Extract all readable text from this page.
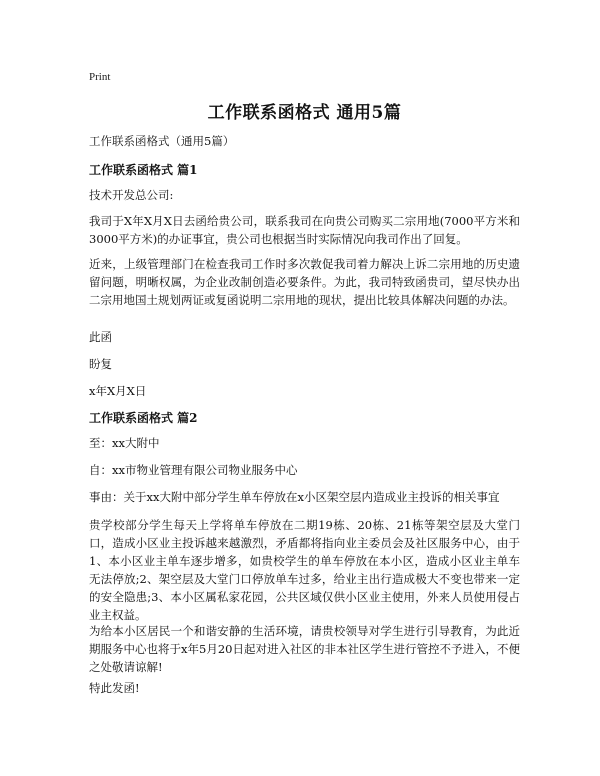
Print
工作联系函格式 通用5篇
工作联系函格式（通用5篇）
工作联系函格式 篇1
技术开发总公司:
我司于X年X月X日去函给贵公司，联系我司在向贵公司购买二宗用地(7000平方米和3000平方米)的办证事宜，贵公司也根据当时实际情况向我司作出了回复。
近来，上级管理部门在检查我司工作时多次敦促我司着力解决上诉二宗用地的历史遗留问题，明晰权属，为企业改制创造必要条件。为此，我司特致函贵司，望尽快办出二宗用地国土规划两证或复函说明二宗用地的现状，提出比较具体解决问题的办法。
此函
盼复
x年X月X日
工作联系函格式 篇2
至：xx大附中
自：xx市物业管理有限公司物业服务中心
事由：关于xx大附中部分学生单车停放在x小区架空层内造成业主投诉的相关事宜
贵学校部分学生每天上学将单车停放在二期19栋、20栋、21栋等架空层及大堂门口，造成小区业主投诉越来越激烈，矛盾都将指向业主委员会及社区服务中心，由于1、本小区业主单车逐步增多，如贵校学生的单车停放在本小区，造成小区业主单车无法停放;2、架空层及大堂门口停放单车过多，给业主出行造成极大不变也带来一定的安全隐患;3、本小区属私家花园，公共区域仅供小区业主使用，外来人员使用侵占业主权益。
为给本小区居民一个和谐安静的生活环境，请贵校领导对学生进行引导教育，为此近期服务中心也将于x年5月20日起对进入社区的非本社区学生进行管控不予进入，不便之处敬请谅解!
特此发函!
